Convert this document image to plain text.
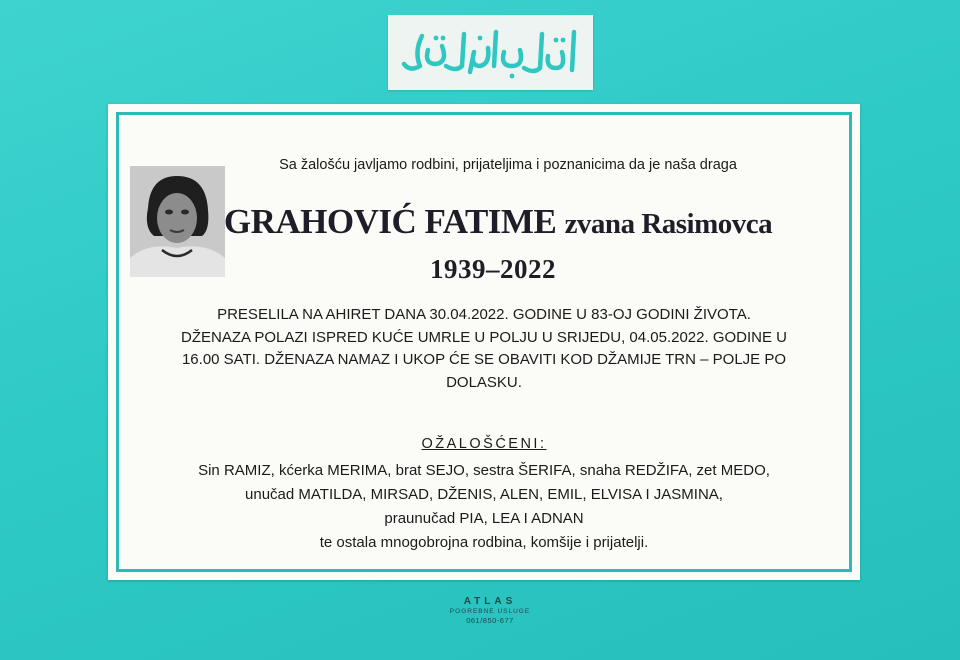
Sa žalošću javljamo rodbini, prijateljima i poznanicima da je naša draga
GRAHOVIĆ FATIME zvana Rasimovca
1939–2022
PRESELILA NA AHIRET DANA 30.04.2022. GODINE U 83-OJ GODINI ŽIVOTA.
DŽENAZA POLAZI ISPRED KUĆE UMRLE U POLJU U SRIJEDU, 04.05.2022. GODINE U
16.00 SATI. DŽENAZA NAMAZ I UKOP ĆE SE OBAVITI KOD DŽAMIJE TRN – POLJE PO
DOLASKU.
OŽALOŠĆENI:
Sin RAMIZ, kćerka MERIMA, brat SEJO, sestra ŠERIFA, snaha REDŽIFA, zet MEDO,
unučad MATILDA, MIRSAD, DŽENIS, ALEN, EMIL, ELVISA I JASMINA,
praunučad PIA, LEA I ADNAN
te ostala mnogobrojna rodbina, komšije i prijatelji.
ATLAS
POGREBNE USLUGE
061/850-677
